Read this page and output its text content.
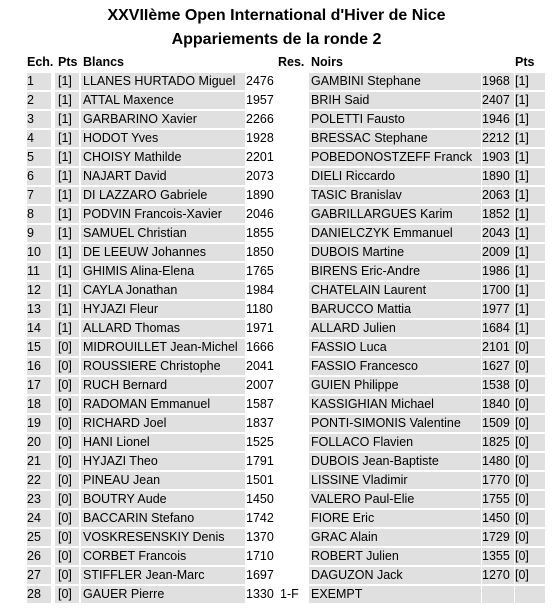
XXVIIème Open International d'Hiver de Nice
Appariements de la ronde 2
Ech. Pts Blancs	Res. Noirs	Pts
1	[1] LLANES HURTADO Miguel 2476	GAMBINI Stephane	1968 [1]
2	[1] ATTAL Maxence	1957	BRIH Said	2407 [1]
3	[1] GARBARINO Xavier	2266	POLETTI Fausto	1946 [1]
4	[1] HODOT Yves	1928	BRESSAC Stephane	2212 [1]
5	[1] CHOISY Mathilde	2201	POBEDONOSTZEFF Franck 1903 [1]
6	[1] NAJART David	2073	DIELI Riccardo	1890 [1]
7	[1] DI LAZZARO Gabriele	1890	TASIC Branislav	2063 [1]
8	[1] PODVIN Francois-Xavier	2046	GABRILLARGUES Karim	1852 [1]
9	[1] SAMUEL Christian	1855	DANIELCZYK Emmanuel	2043 [1]
10	[1] DE LEEUW Johannes	1850	DUBOIS Martine	2009 [1]
11	[1] GHIMIS Alina-Elena	1765	BIRENS Eric-Andre	1986 [1]
12	[1] CAYLA Jonathan	1984	CHATELAIN Laurent	1700 [1]
13	[1] HYJAZI Fleur	1180	BARUCCO Mattia	1977 [1]
14	[1] ALLARD Thomas	1971	ALLARD Julien	1684 [1]
15	[0] MIDROUILLET Jean-Michel 1666	FASSIO Luca	2101 [0]
16	[0] ROUSSIERE Christophe	2041	FASSIO Francesco	1627 [0]
17	[0] RUCH Bernard	2007	GUIEN Philippe	1538 [0]
18	[0] RADOMAN Emmanuel	1587	KASSIGHIAN Michael	1840 [0]
19	[0] RICHARD Joel	1837	PONTI-SIMONIS Valentine	1509 [0]
20	[0] HANI Lionel	1525	FOLLACO Flavien	1825 [0]
21	[0] HYJAZI Theo	1791	DUBOIS Jean-Baptiste	1480 [0]
22	[0] PINEAU Jean	1501	LISSINE Vladimir	1770 [0]
23	[0] BOUTRY Aude	1450	VALERO Paul-Elie	1755 [0]
24	[0] BACCARIN Stefano	1742	FIORE Eric	1450 [0]
25	[0] VOSKRESENSKIY Denis	1370	GRAC Alain	1729 [0]
26	[0] CORBET Francois	1710	ROBERT Julien	1355 [0]
27	[0] STIFFLER Jean-Marc	1697	DAGUZON Jack	1270 [0]
28	[0] GAUER Pierre	1330 1-F EXEMPT
